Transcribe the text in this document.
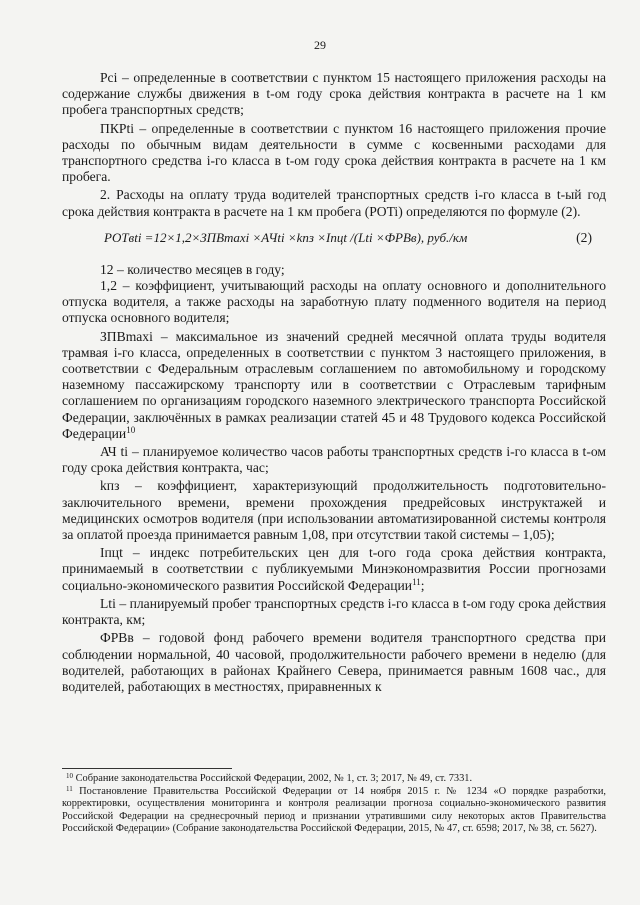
29

Pсi – определенные в соответствии с пунктом 15 настоящего приложения расходы на содержание службы движения в t-ом году срока действия контракта в расчете на 1 км пробега транспортных средств;

ПКРti – определенные в соответствии с пунктом 16 настоящего приложения прочие расходы по обычным видам деятельности в сумме с косвенными расходами для транспортного средства i-го класса в t-ом году срока действия контракта в расчете на 1 км пробега.

2. Расходы на оплату труда водителей транспортных средств i-го класса в t-ый год срока действия контракта в расчете на 1 км пробега (POTi) определяются по формуле (2).

POTвti =12×1,2×ЗПВmaxi ×АЧti ×kпз ×Iпцt /(Lti ×ФРВв), руб./км	(2)

12 – количество месяцев в году;

1,2 – коэффициент, учитывающий расходы на оплату основного и дополнительного отпуска водителя, а также расходы на заработную плату подменного водителя на период отпуска основного водителя;

ЗПВmaxi – максимальное из значений средней месячной оплата труды водителя трамвая i-го класса, определенных в соответствии с пунктом 3 настоящего приложения, в соответствии с Федеральным отраслевым соглашением по автомобильному и городскому наземному пассажирскому транспорту или в соответствии с Отраслевым тарифным соглашением по организациям городского наземного электрического транспорта Российской Федерации, заключённых в рамках реализации статей 45 и 48 Трудового кодекса Российской Федерации$^{10}$

АЧ ti – планируемое количество часов работы транспортных средств i-го класса в t-ом году срока действия контракта, час;

kпз – коэффициент, характеризующий продолжительность подготовительно-заключительного времени, времени прохождения предрейсовых инструктажей и медицинских осмотров водителя (при использовании автоматизированной системы контроля за оплатой проезда принимается равным 1,08, при отсутствии такой системы – 1,05);

Iпцt – индекс потребительских цен для t-ого года срока действия контракта, принимаемый в соответствии с публикуемыми Минэкономразвития России прогнозами социально-экономического развития Российской Федерации$^{11}$;

Lti – планируемый пробег транспортных средств i-го класса в t-ом году срока действия контракта, км;

ФРВв – годовой фонд рабочего времени водителя транспортного средства при соблюдении нормальной, 40 часовой, продолжительности рабочего времени в неделю (для водителей, работающих в районах Крайнего Севера, принимается равным 1608 час., для водителей, работающих в местностях, приравненных к

$^{10}$ Собрание законодательства Российской Федерации, 2002, № 1, ст. 3; 2017, № 49, ст. 7331.

$^{11}$ Постановление Правительства Российской Федерации от 14 ноября 2015 г. № 1234 «О порядке разработки, корректировки, осуществления мониторинга и контроля реализации прогноза социально-экономического развития Российской Федерации на среднесрочный период и признании утратившими силу некоторых актов Правительства Российской Федерации» (Собрание законодательства Российской Федерации, 2015, № 47, ст. 6598; 2017, № 38, ст. 5627).
